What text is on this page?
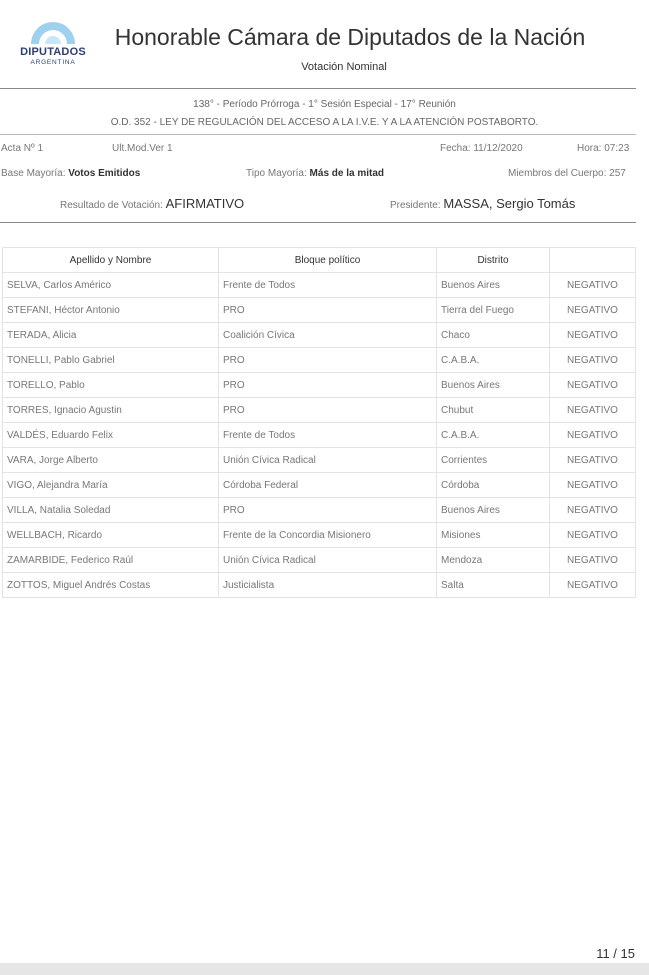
DIPUTADOS
ARGENTINA
Honorable Cámara de Diputados de la Nación
Votación Nominal
138° - Período Prórroga - 1° Sesión Especial - 17° Reunión
O.D. 352 - LEY DE REGULACIÓN DEL ACCESO A LA I.V.E. Y A LA ATENCIÓN POSTABORTO.
Acta Nº 1	Ult.Mod.Ver 1	Fecha: 11/12/2020	Hora: 07:23
Base Mayoría: Votos Emitidos	Tipo Mayoría: Más de la mitad	Miembros del Cuerpo: 257
Resultado de Votación: AFIRMATIVO	Presidente: MASSA, Sergio Tomás
Apellido y Nombre	Bloque político	Distrito	
SELVA, Carlos Américo	Frente de Todos	Buenos Aires	NEGATIVO
STEFANI, Héctor Antonio	PRO	Tierra del Fuego	NEGATIVO
TERADA, Alicia	Coalición Cívica	Chaco	NEGATIVO
TONELLI, Pablo Gabriel	PRO	C.A.B.A.	NEGATIVO
TORELLO, Pablo	PRO	Buenos Aires	NEGATIVO
TORRES, Ignacio Agustin	PRO	Chubut	NEGATIVO
VALDÉS, Eduardo Felix	Frente de Todos	C.A.B.A.	NEGATIVO
VARA, Jorge Alberto	Unión Cívica Radical	Corrientes	NEGATIVO
VIGO, Alejandra María	Córdoba Federal	Córdoba	NEGATIVO
VILLA, Natalia Soledad	PRO	Buenos Aires	NEGATIVO
WELLBACH, Ricardo	Frente de la Concordia Misionero	Misiones	NEGATIVO
ZAMARBIDE, Federico Raúl	Unión Cívica Radical	Mendoza	NEGATIVO
ZOTTOS, Miguel Andrés Costas	Justicialista	Salta	NEGATIVO
11 / 15
